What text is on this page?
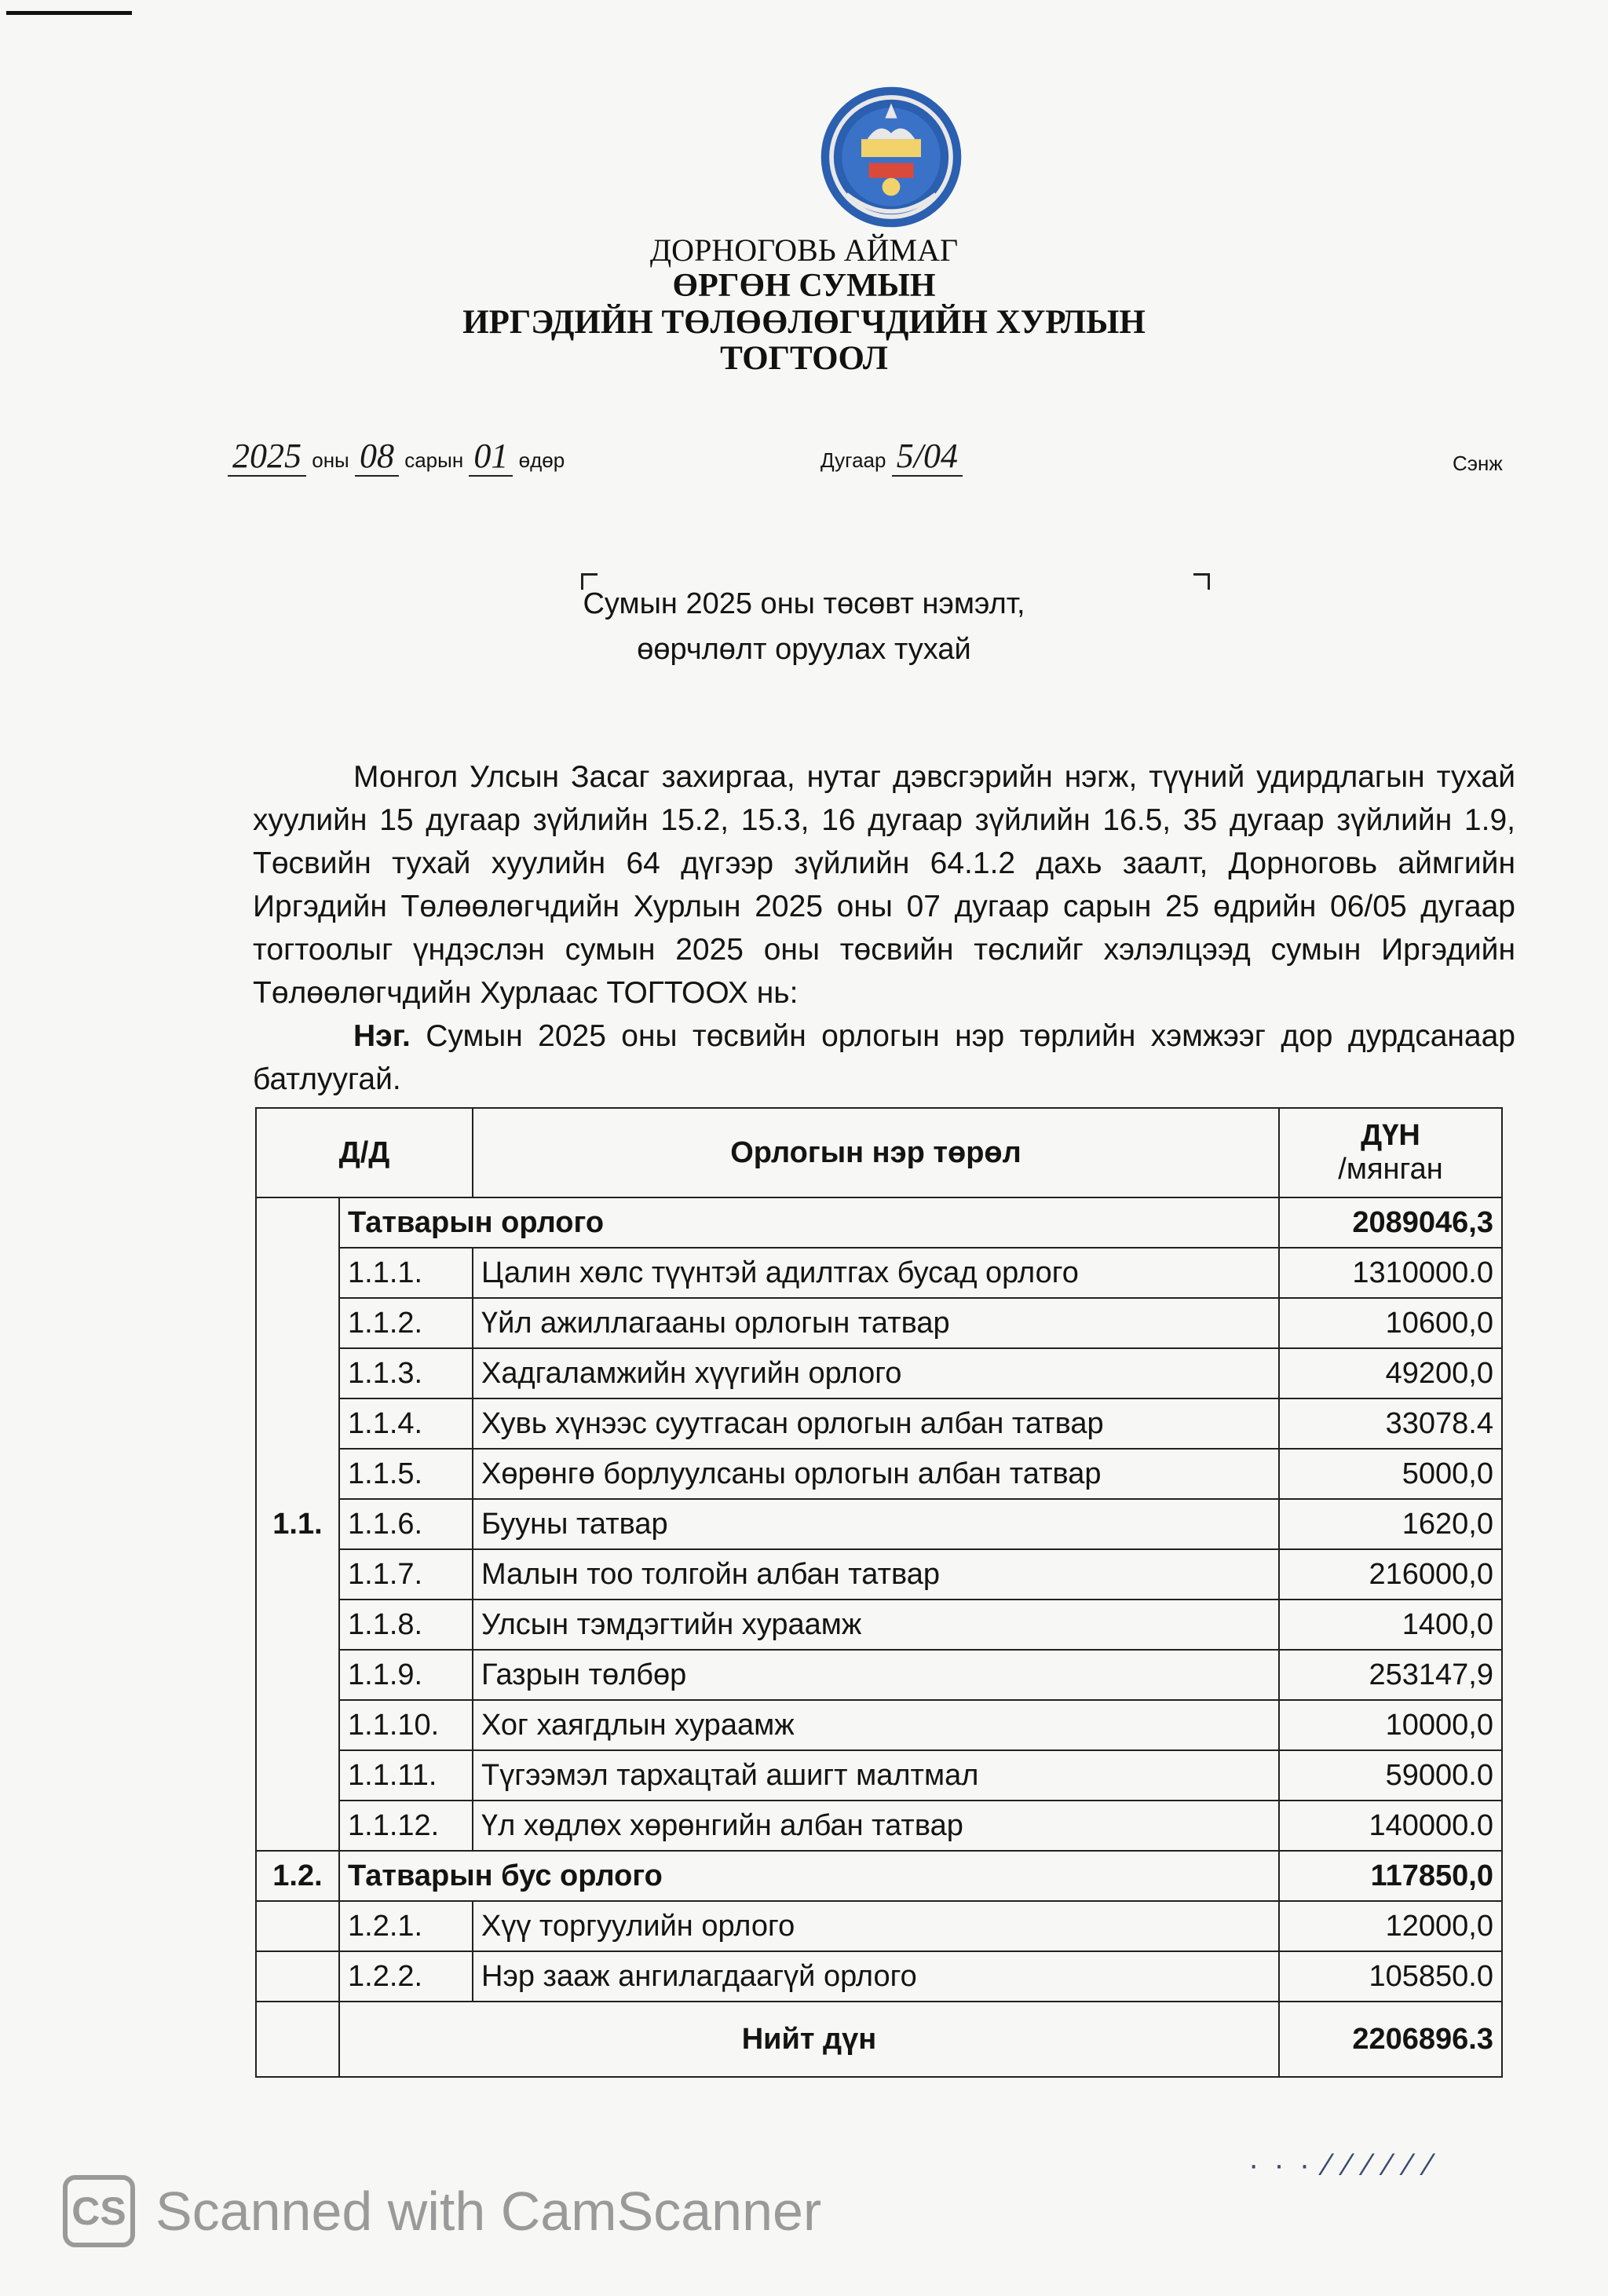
ДОРНОГОВЬ АЙМАГ
ӨРГӨН СУМЫН
ИРГЭДИЙН ТӨЛӨӨЛӨГЧДИЙН ХУРЛЫН
ТОГТООЛ
2025 оны 08 сарын 01 өдөр	Дугаар 5/04	Сэнж
Сумын 2025 оны төсөвт нэмэлт,
өөрчлөлт оруулах тухай

Монгол Улсын Засаг захиргаа, нутаг дэвсгэрийн нэгж, түүний удирдлагын тухай хуулийн 15 дугаар зүйлийн 15.2, 15.3, 16 дугаар зүйлийн 16.5, 35 дугаар зүйлийн 1.9, Төсвийн тухай хуулийн 64 дүгээр зүйлийн 64.1.2 дахь заалт, Дорноговь аймгийн Иргэдийн Төлөөлөгчдийн Хурлын 2025 оны 07 дугаар сарын 25 өдрийн 06/05 дугаар тогтоолыг үндэслэн сумын 2025 оны төсвийн төслийг хэлэлцээд сумын Иргэдийн Төлөөлөгчдийн Хурлаас ТОГТООХ нь:

Нэг. Сумын 2025 оны төсвийн орлогын нэр төрлийн хэмжээг дор дурдсанаар батлуугай.

Д/Д		Орлогын нэр төрөл	ДҮН
/мянган

1.1.	Татварын орлого		2089046,3
	1.1.1.	Цалин хөлс түүнтэй адилтгах бусад орлого	1310000.0
	1.1.2.	Үйл ажиллагааны орлогын татвар	10600,0
	1.1.3.	Хадгаламжийн хүүгийн орлого	49200,0
	1.1.4.	Хувь хүнээс суутгасан орлогын албан татвар	33078.4
	1.1.5.	Хөрөнгө борлуулсаны орлогын албан татвар	5000,0
	1.1.6.	Бууны татвар	1620,0
	1.1.7.	Малын тоо толгойн албан татвар	216000,0
	1.1.8.	Улсын тэмдэгтийн хураамж	1400,0
	1.1.9.	Газрын төлбөр	253147,9
	1.1.10.	Хог хаягдлын хураамж	10000,0
	1.1.11.	Түгээмэл тархацтай ашигт малтмал	59000.0
	1.1.12.	Үл хөдлөх хөрөнгийн албан татвар	140000.0
1.2.	Татварын бус орлого		117850,0
	1.2.1.	Хүү торгуулийн орлого	12000,0
	1.2.2.	Нэр зааж ангилагдаагүй орлого	105850.0
	Нийт дүн		2206896.3
· · · ⁄ ⁄ ⁄ ⁄ ⁄ ⁄
CS Scanned with CamScanner
